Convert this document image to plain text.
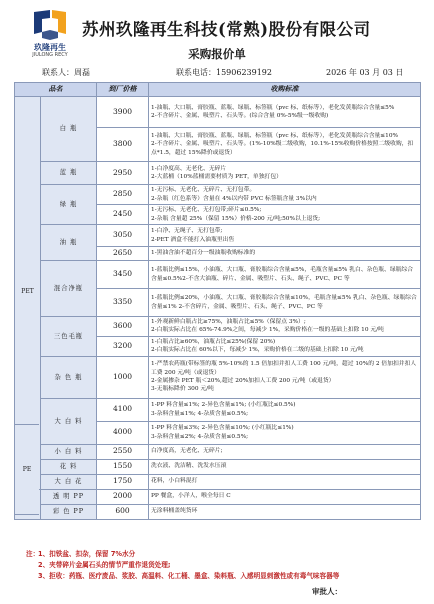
玖隆再生
JIULONG RECY
苏州玖隆再生科技(常熟)股份有限公司
采购报价单
联系人：周磊	联系电话：15906239192	2026 年 03 月 03 日
品名		到厂价格	收购标准
PET	白 瓶	3900	1-油瓶、大口瓶、膏胶瓶、蓝瓶、绿瓶、标签瓶（pvc 标、纸标等），老化发黄瓶综合含量≤5%
2-不含碎片、金属、吸塑片、石头等。(综合含量 0%-5%级一级收购)

		3800	1-油瓶、大口瓶、膏胶瓶、蓝瓶、绿瓶、标签瓶（pvc 标、纸标等），老化发黄瓶综合含量≤10%
2-不含碎片、金属、吸塑片、石头等。(1%-10%级二级收购，10.1%-15%收购价格按照二级收购，扣点*1.5，超过 15%降价或退货）

	蓝 瓶	2950	1-白净度高、无老化、无碎片
2-大蓝桶（10%蓝桶需要材质为 PET，单独打包）

	绿 瓶	2850	1-无污标、无老化、无碎片、无打包带。
2-杂瓶（红色系等）含量在 4%以内带 PVC 标签瓶含量 3%以内

		2450	1-无污标、无老化、无打包带;碎片≤0.5%;
2-杂瓶 含量超 25%（保留 15%）价格-200 元/吨;50%以上退货;

	油 瓶	3050	1-白净、无绳子、无打包带;
2-PET 酒盒不能打入油瓶里出售

		2650	1-黑油含油不超百分一级油瓶收购标准的
	混合净瓶	3450	1-蓝瓶比例≤15%，小油瓶、大口瓶、膏胶瓶综合含量≤5%，毛瓶含量≤5% 乳白、杂色瓶、绿瓶综合含量≤0.5%2-不含大油瓶、碎片、金属、吸塑片、石头、绳子、PVC、PC 等
		3350	1-蓝瓶比例≤20%，小油瓶、大口瓶、膏胶瓶综合含量≤10%，毛瓶含量≤5% 乳白、杂色瓶、绿瓶综合含量≤1% 2-不含碎片，金属、吸塑片、石头、绳子、PVC、PC 等
	三色毛瓶	3600	1-外观新鲜白瓶占比≥75%，油瓶占比≤5%（保留点 3%）;
2-白瓶实际占比在 65%-74.9%之间，每减少 1%，采购价格在一级的基础上扣除 10 元/吨

		3200	1-白瓶占比≥60%，油瓶占比≤25%(保留 20%)
2-白瓶实际占比在 60%以下，每减少 1%，采购价格在二级的基础上扣除 10 元/吨

	杂 色 瓶	1000	1-严禁农药瓶(带标签的瓶 5%-10%的 1.5 倍加扣并扣人工费 100 元/吨，超过 10%的 2 倍加扣并扣人工费 200 元/吨（或退货）
2-金属掺杂 PET 瓶＜20%,超过 20%加扣人工费 200 元/吨（或退货）
3-无瓶标降价 300 元/吨

	大 白 料	4100	1-PP 料含量≤1%; 2-异色含量≤1%; (小红瓶比≤0.5%)
3-杂料含量≤1%; 4-杂质含量≤0.5%;

		4000	1-PP 料含量≤3%; 2-异色含量≤10%; (小红瓶比≤1%)
3-杂料含量≤2%; 4-杂质含量≤0.5%;

	小 白 料	2550	白净度高，无老化、无碎片;
	花 料	1550	洗衣液、洗洁精、洗发水压滚
	大 白 花	1750	花料，小白料混打
	透 明 PP	2000	PP 餐盒，小洋人，喉全每日 C
	彩 色 PP	600	无涂料桶盖纯货环
PE
注：
1、扣铁盆、扣杂，保留 7%水分
2、夹带碎片金属石头的情节严重作退货处理;
3、拒收：药瓶、医疗废品、浆胶、高温料、化工桶、墨盒、染料瓶、入感明显刺激性或有毒气味容器等
审批人：
